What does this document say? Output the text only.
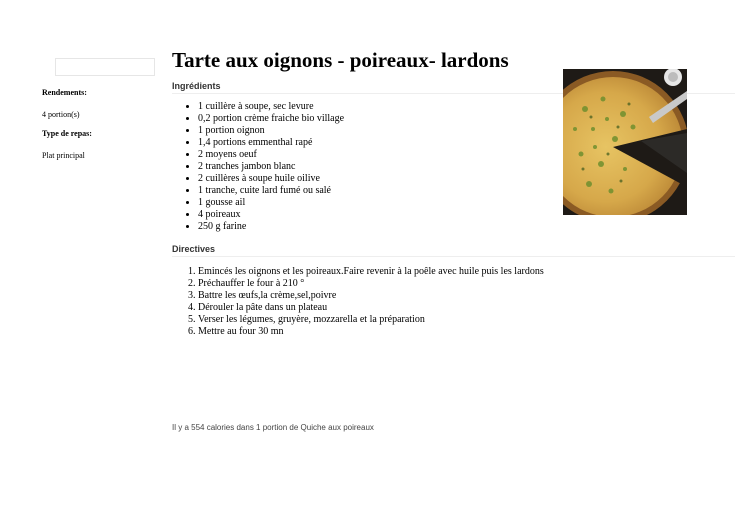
Rendements:
4 portion(s)
Type de repas:
Plat principal
Tarte aux oignons - poireaux- lardons
Ingrédients
• 1 cuillère à soupe, sec levure
• 0,2 portion crème fraiche bio village
• 1 portion oignon
• 1,4 portions emmenthal rapé
• 2 moyens oeuf
• 2 tranches jambon blanc
• 2 cuillères à soupe huile oilive
• 1 tranche, cuite lard fumé ou salé
• 1 gousse ail
• 4 poireaux
• 250 g farine
Directives
1. Emincés les oignons et les poireaux.Faire revenir à la poêle avec huile puis les lardons
2. Préchauffer le four à 210 °
3. Battre les œufs,la crème,sel,poivre
4. Dérouler la pâte dans un plateau
5. Verser les légumes, gruyère, mozzarella et la préparation
6. Mettre au four 30 mn
Il y a 554 calories dans 1 portion de Quiche aux poireaux
